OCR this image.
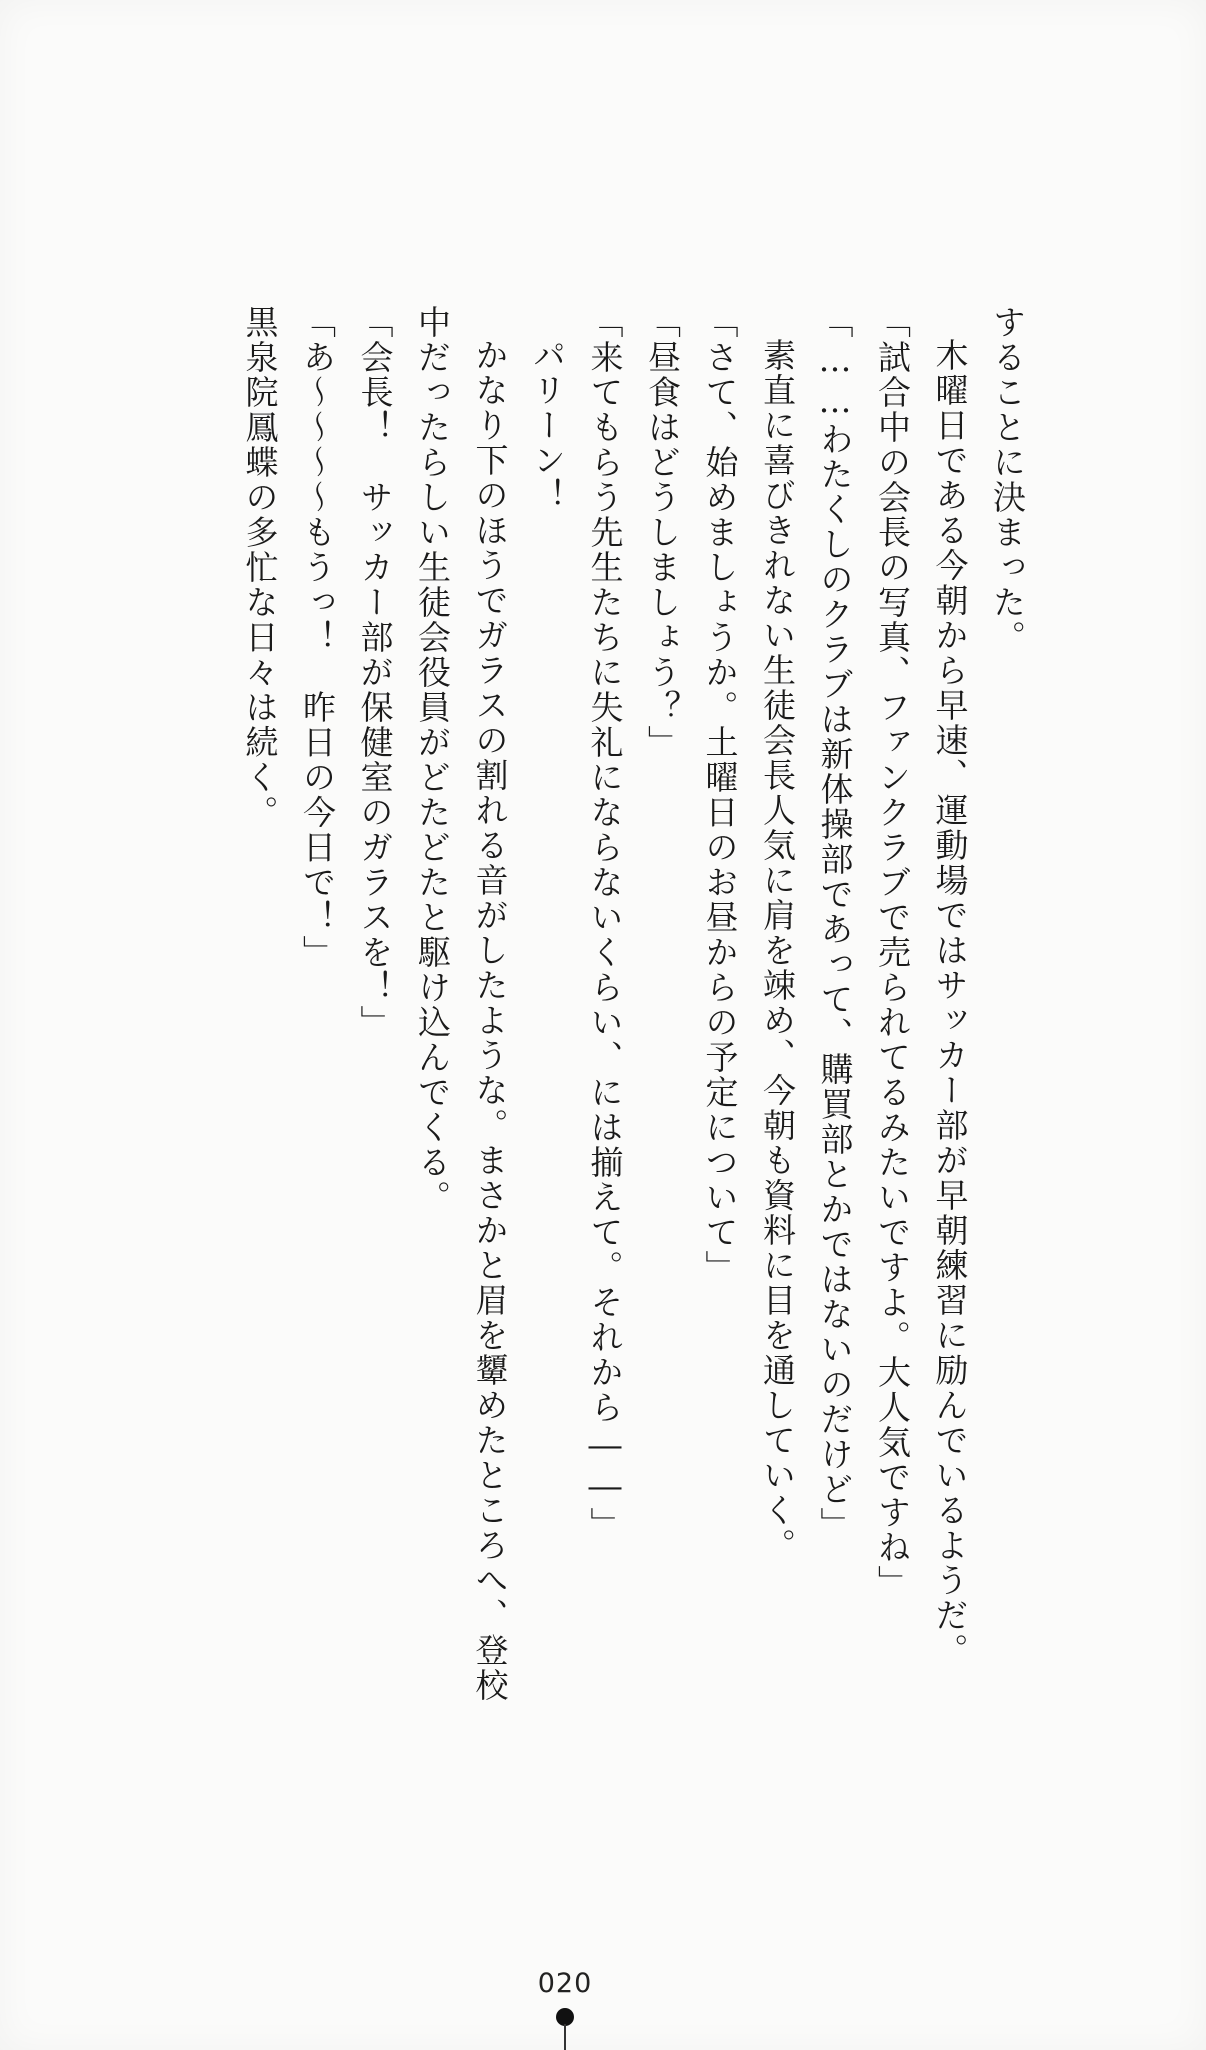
することに決まった。

木曜日である今朝から早速、運動場ではサッカー部が早朝練習に励んでいるようだ。

「試合中の会長の写真、ファンクラブで売られてるみたいですよ。大人気ですね」

「……わたくしのクラブは新体操部であって、購買部とかではないのだけど」

素直に喜びきれない生徒会長人気に肩を竦め、今朝も資料に目を通していく。

「さて、始めましょうか。土曜日のお昼からの予定について」

「昼食はどうしましょう？」

「来てもらう先生たちに失礼にならないくらい、には揃えて。それから――」

パリーン！

かなり下のほうでガラスの割れる音がしたような。まさかと眉を顰めたところへ、登校

中だったらしい生徒会役員がどたどたと駆け込んでくる。

「会長！　サッカー部が保健室のガラスを！」

「あ〜〜〜〜もうっ！　昨日の今日で！」

黒泉院鳳蝶の多忙な日々は続く。

020
